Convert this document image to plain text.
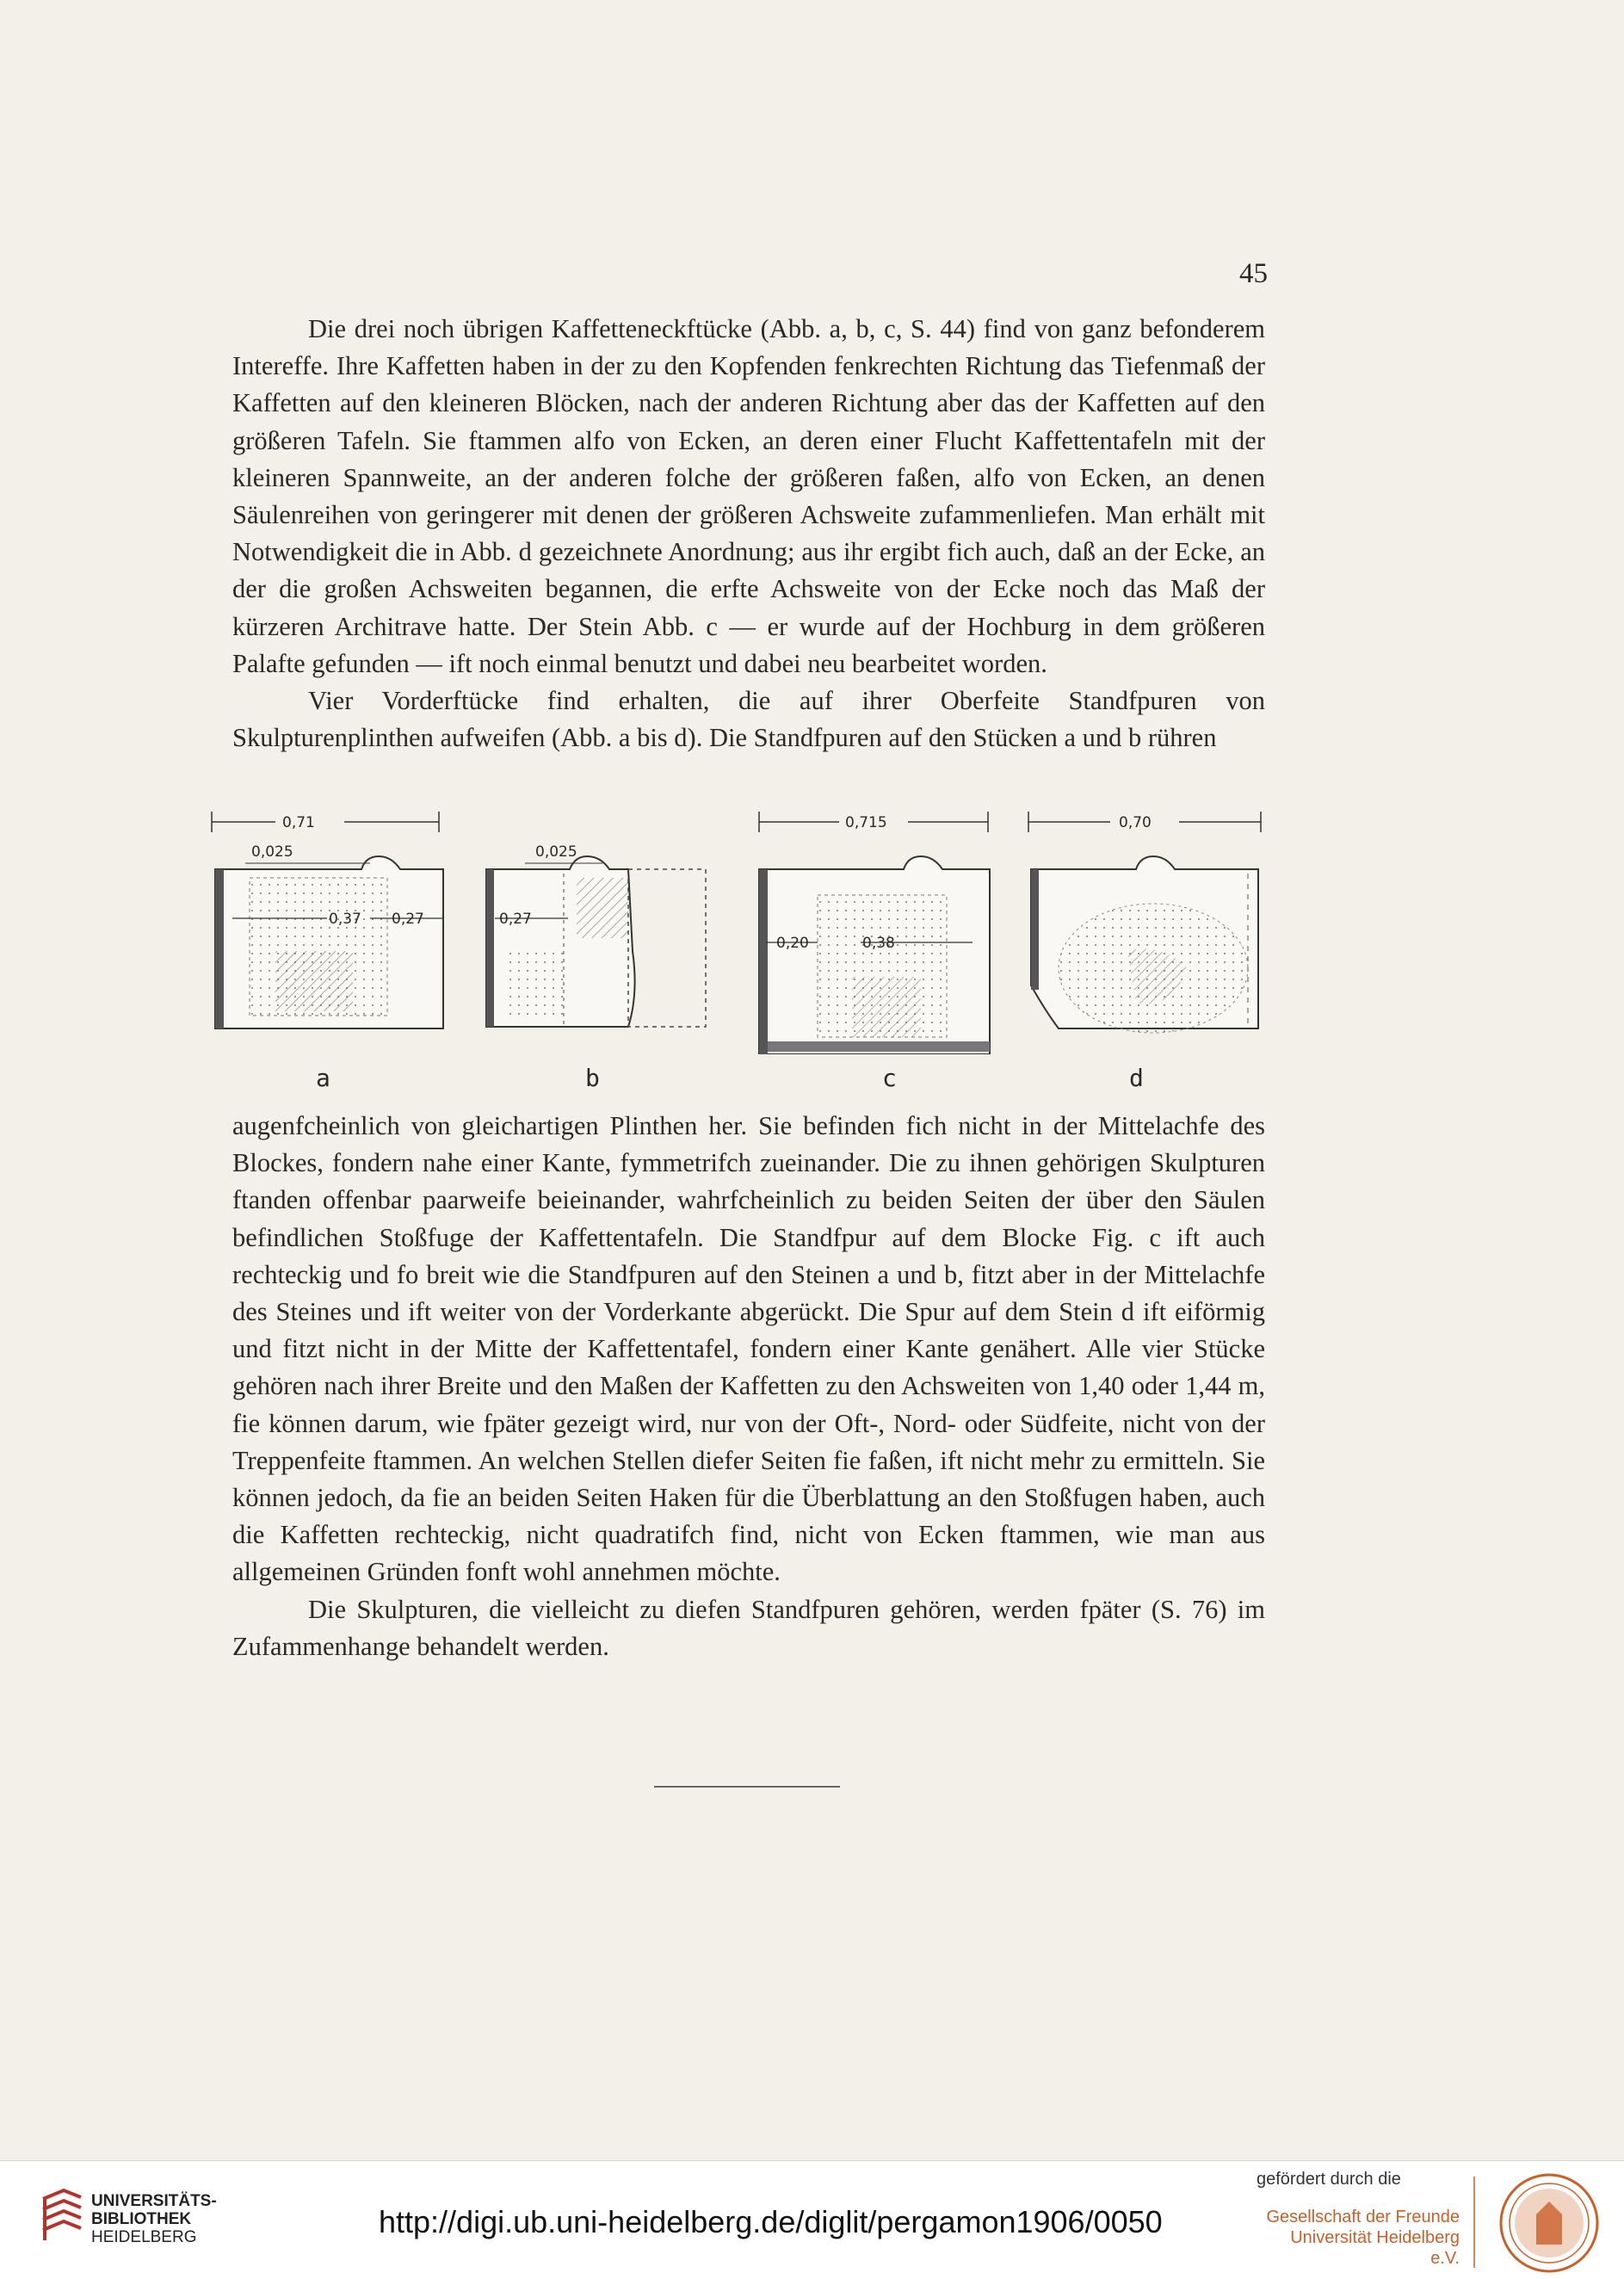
45

Die drei noch übrigen Kaffetteneckftücke (Abb. a, b, c, S. 44) find von ganz befonderem Intereffe. Ihre Kaffetten haben in der zu den Kopfenden fenkrechten Richtung das Tiefenmaß der Kaffetten auf den kleineren Blöcken, nach der anderen Richtung aber das der Kaffetten auf den größeren Tafeln. Sie ftammen alfo von Ecken, an deren einer Flucht Kaffettentafeln mit der kleineren Spannweite, an der anderen folche der größeren faßen, alfo von Ecken, an denen Säulenreihen von geringerer mit denen der größeren Achsweite zufammenliefen. Man erhält mit Notwendigkeit die in Abb. d gezeichnete Anordnung; aus ihr ergibt fich auch, daß an der Ecke, an der die großen Achsweiten begannen, die erfte Achsweite von der Ecke noch das Maß der kürzeren Architrave hatte. Der Stein Abb. c — er wurde auf der Hochburg in dem größeren Palafte gefunden — ift noch einmal benutzt und dabei neu bearbeitet worden.

Vier Vorderftücke find erhalten, die auf ihrer Oberfeite Standfpuren von Skulpturenplinthen aufweifen (Abb. a bis d). Die Standfpuren auf den Stücken a und b rühren

0,71
0,37 0,27
0,025
0,27
0,025
0,715
0,20	0,38
0,70
a	b	c	d

augenfcheinlich von gleichartigen Plinthen her. Sie befinden fich nicht in der Mittelachfe des Blockes, fondern nahe einer Kante, fymmetrifch zueinander. Die zu ihnen gehörigen Skulpturen ftanden offenbar paarweife beieinander, wahrfcheinlich zu beiden Seiten der über den Säulen befindlichen Stoßfuge der Kaffettentafeln. Die Standfpur auf dem Blocke Fig. c ift auch rechteckig und fo breit wie die Standfpuren auf den Steinen a und b, fitzt aber in der Mittelachfe des Steines und ift weiter von der Vorderkante abgerückt. Die Spur auf dem Stein d ift eiförmig und fitzt nicht in der Mitte der Kaffettentafel, fondern einer Kante genähert. Alle vier Stücke gehören nach ihrer Breite und den Maßen der Kaffetten zu den Achsweiten von 1,40 oder 1,44 m, fie können darum, wie fpäter gezeigt wird, nur von der Oft-, Nord- oder Südfeite, nicht von der Treppenfeite ftammen. An welchen Stellen diefer Seiten fie faßen, ift nicht mehr zu ermitteln. Sie können jedoch, da fie an beiden Seiten Haken für die Überblattung an den Stoßfugen haben, auch die Kaffetten rechteckig, nicht quadratifch find, nicht von Ecken ftammen, wie man aus allgemeinen Gründen fonft wohl annehmen möchte.

Die Skulpturen, die vielleicht zu diefen Standfpuren gehören, werden fpäter (S. 76) im Zufammenhange behandelt werden.

UNIVERSITÄTS-
BIBLIOTHEK
HEIDELBERG	http://digi.ub.uni-heidelberg.de/diglit/pergamon1906/0050
gefördert durch die
Gesellschaft der Freunde
Universität Heidelberg e.V.
